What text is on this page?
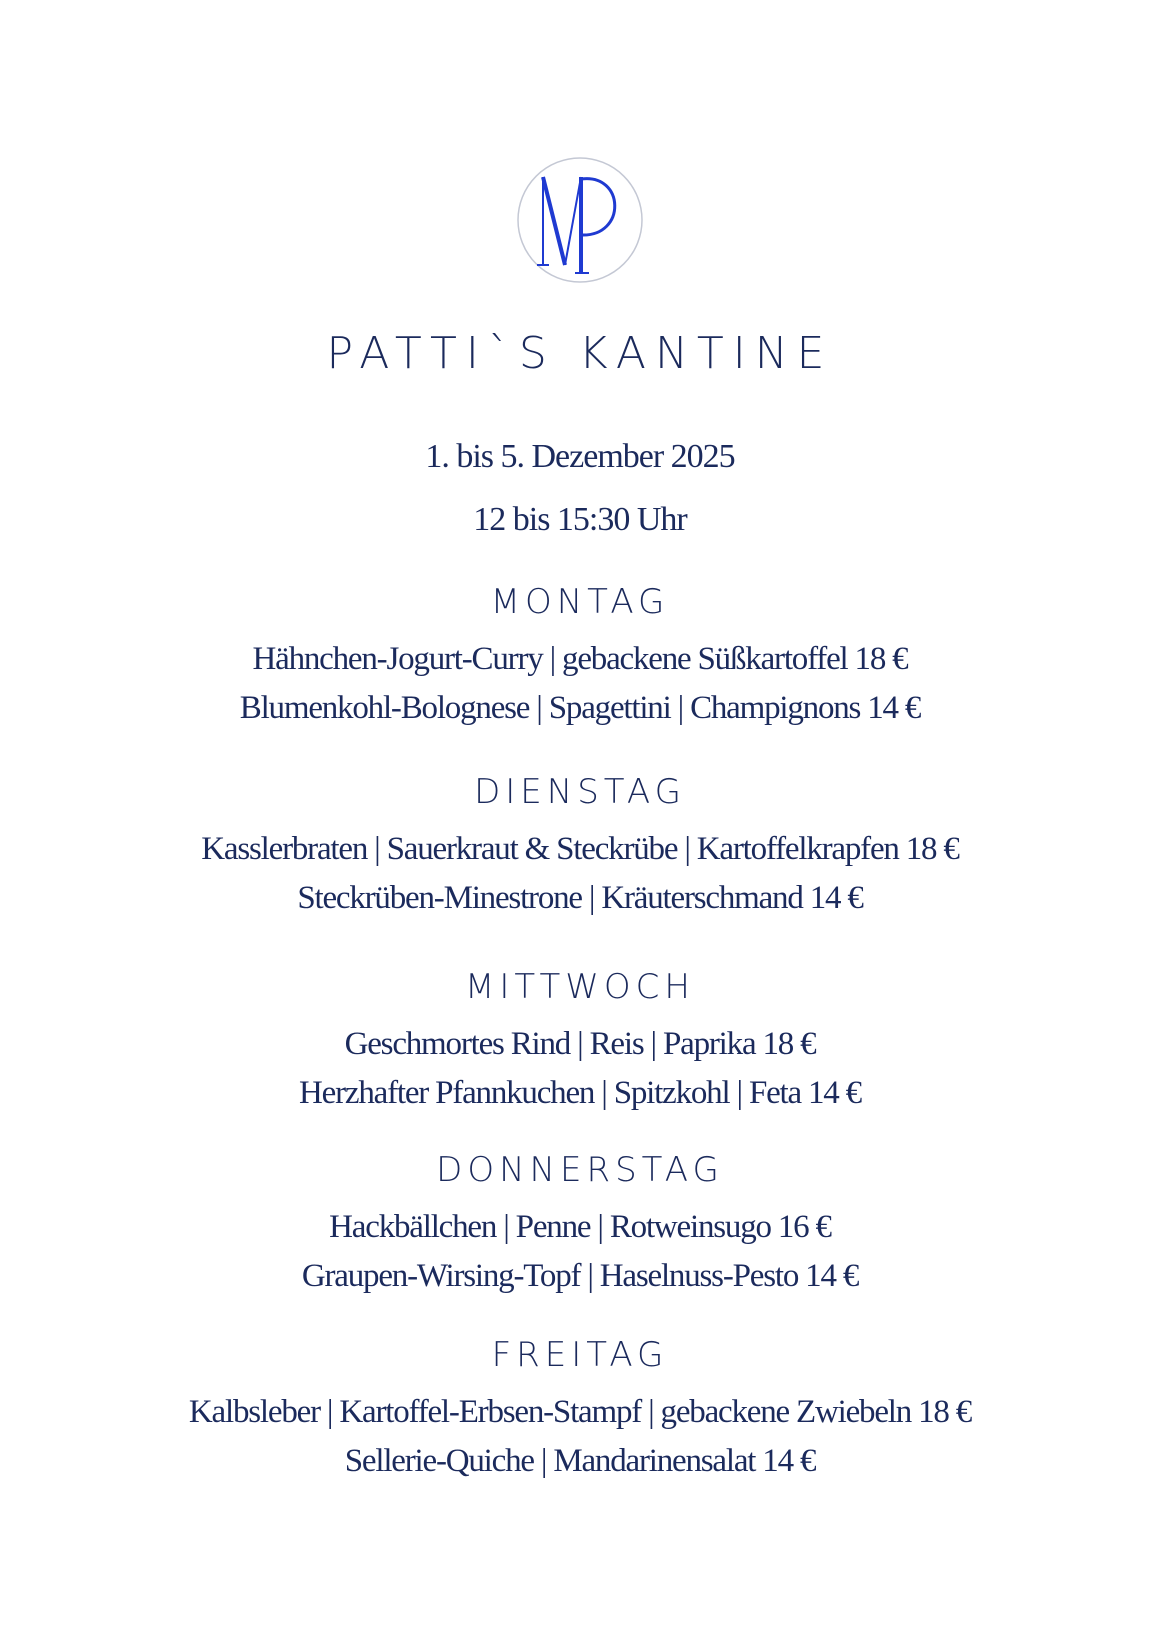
PATTI`S KANTINE
1. bis 5. Dezember 2025
12 bis 15:30 Uhr
MONTAG
Hähnchen-Jogurt-Curry | gebackene Süßkartoffel 18 €
Blumenkohl-Bolognese | Spagettini | Champignons 14 €
DIENSTAG
Kasslerbraten | Sauerkraut & Steckrübe | Kartoffelkrapfen 18 €
Steckrüben-Minestrone | Kräuterschmand 14 €
MITTWOCH
Geschmortes Rind | Reis | Paprika 18 €
Herzhafter Pfannkuchen | Spitzkohl | Feta 14 €
DONNERSTAG
Hackbällchen | Penne | Rotweinsugo 16 €
Graupen-Wirsing-Topf | Haselnuss-Pesto 14 €
FREITAG
Kalbsleber | Kartoffel-Erbsen-Stampf | gebackene Zwiebeln 18 €
Sellerie-Quiche | Mandarinensalat 14 €
